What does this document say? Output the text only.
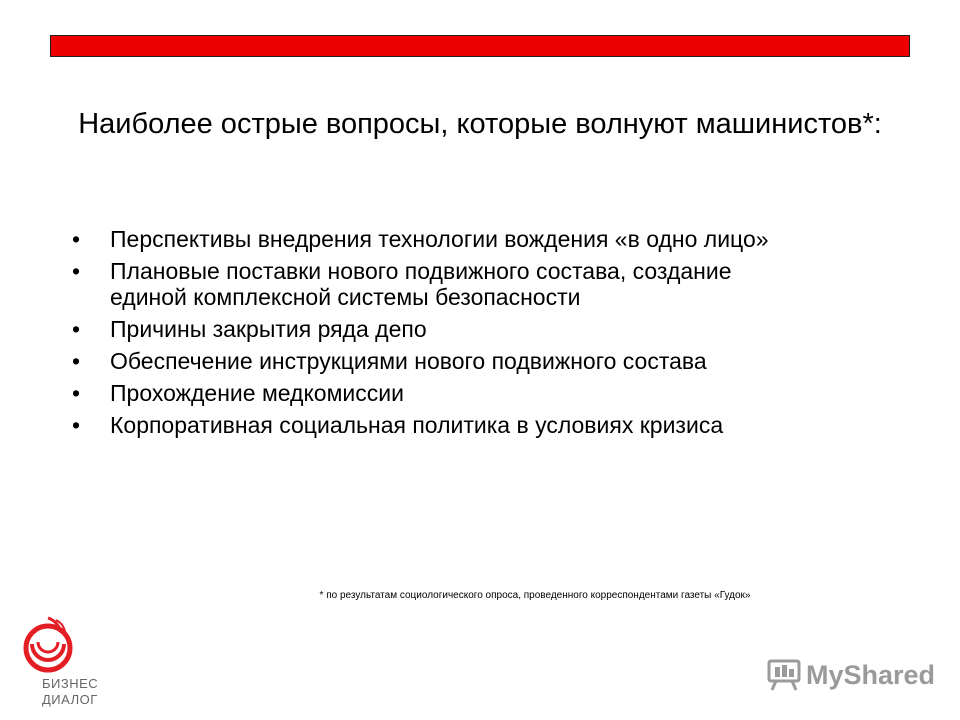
Наиболее острые вопросы, которые волнуют машинистов*:
• Перспективы внедрения технологии вождения «в одно лицо»
• Плановые поставки нового подвижного состава, создание
единой комплексной системы безопасности
• Причины закрытия ряда депо
• Обеспечение инструкциями нового подвижного состава
• Прохождение медкомиссии
• Корпоративная социальная политика в условиях кризиса
* по результатам социологического опроса, проведенного корреспондентами газеты «Гудок»
БИЗНЕС
ДИАЛОГ
MyShared
